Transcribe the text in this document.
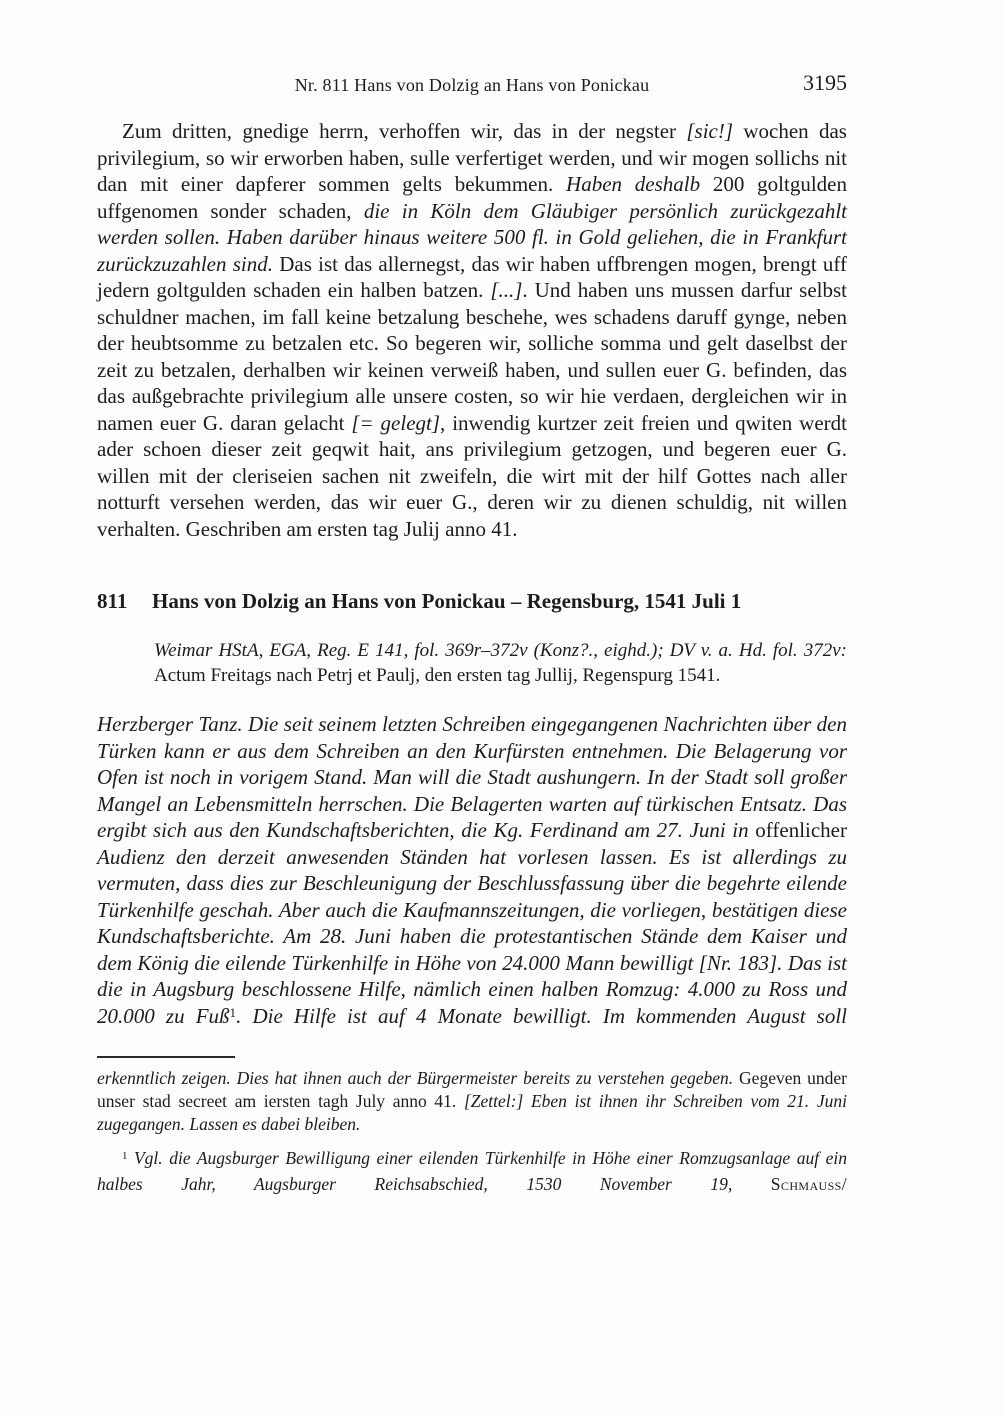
Nr. 811 Hans von Dolzig an Hans von Ponickau	3195

Zum dritten, gnedige herrn, verhoffen wir, das in der negster [sic!] wochen das privilegium, so wir erworben haben, sulle verfertiget werden, und wir mogen sollichs nit dan mit einer dapferer sommen gelts bekummen. Haben deshalb 200 goltgulden uffgenomen sonder schaden, die in Köln dem Gläubiger persönlich zurückgezahlt werden sollen. Haben darüber hinaus weitere 500 fl. in Gold geliehen, die in Frankfurt zurückzuzahlen sind. Das ist das allernegst, das wir haben uffbrengen mogen, brengt uff jedern goltgulden schaden ein halben batzen. [...]. Und haben uns mussen darfur selbst schuldner machen, im fall keine betzalung beschehe, wes schadens daruff gynge, neben der heubtsomme zu betzalen etc. So begeren wir, solliche somma und gelt daselbst der zeit zu betzalen, derhalben wir keinen verweiß haben, und sullen euer G. befinden, das das außgebrachte privilegium alle unsere costen, so wir hie verdaen, dergleichen wir in namen euer G. daran gelacht [= gelegt], inwendig kurtzer zeit freien und qwiten werdt ader schoen dieser zeit geqwit hait, ans privilegium getzogen, und begeren euer G. willen mit der cleriseien sachen nit zweifeln, die wirt mit der hilf Gottes nach aller notturft versehen werden, das wir euer G., deren wir zu dienen schuldig, nit willen verhalten. Geschriben am ersten tag Julij anno 41.

811	Hans von Dolzig an Hans von Ponickau – Regensburg, 1541 Juli 1

Weimar HStA, EGA, Reg. E 141, fol. 369r–372v (Konz?., eighd.); DV v. a. Hd. fol. 372v: Actum Freitags nach Petrj et Paulj, den ersten tag Jullij, Regenspurg 1541.

Herzberger Tanz. Die seit seinem letzten Schreiben eingegangenen Nachrichten über den Türken kann er aus dem Schreiben an den Kurfürsten entnehmen. Die Belagerung vor Ofen ist noch in vorigem Stand. Man will die Stadt aushungern. In der Stadt soll großer Mangel an Lebensmitteln herrschen. Die Belagerten warten auf türkischen Entsatz. Das ergibt sich aus den Kundschaftsberichten, die Kg. Ferdinand am 27. Juni in offenlicher Audienz den derzeit anwesenden Ständen hat vorlesen lassen. Es ist allerdings zu vermuten, dass dies zur Beschleunigung der Beschlussfassung über die begehrte eilende Türkenhilfe geschah. Aber auch die Kaufmannszeitungen, die vorliegen, bestätigen diese Kundschaftsberichte. Am 28. Juni haben die protestantischen Stände dem Kaiser und dem König die eilende Türkenhilfe in Höhe von 24.000 Mann bewilligt [Nr. 183]. Das ist die in Augsburg beschlossene Hilfe, nämlich einen halben Romzug: 4.000 zu Ross und 20.000 zu Fuß$^1$. Die Hilfe ist auf 4 Monate bewilligt. Im kommenden August soll

erkenntlich zeigen. Dies hat ihnen auch der Bürgermeister bereits zu verstehen gegeben. Gegeven under unser stad secreet am iersten tagh July anno 41. [Zettel:] Eben ist ihnen ihr Schreiben vom 21. Juni zugegangen. Lassen es dabei bleiben.

$^1$ Vgl. die Augsburger Bewilligung einer eilenden Türkenhilfe in Höhe einer Romzugsanlage auf ein halbes Jahr, Augsburger Reichsabschied, 1530 November 19, Schmauss/
